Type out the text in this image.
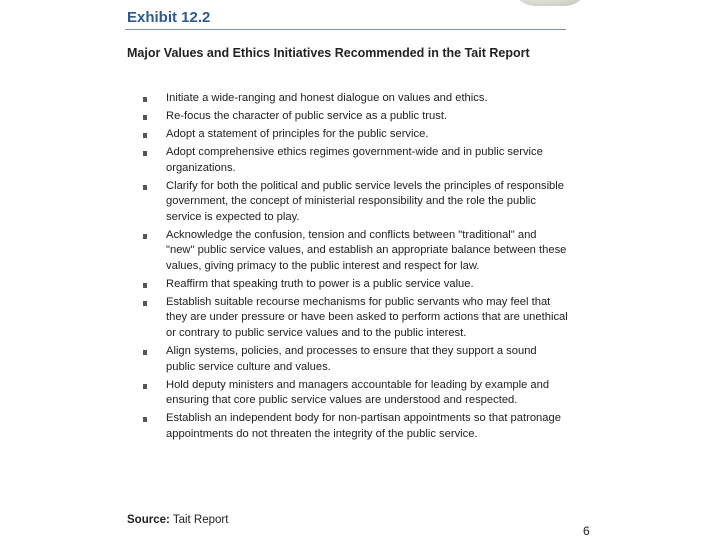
Exhibit 12.2
Major Values and Ethics Initiatives Recommended in the Tait Report
Initiate a wide-ranging and honest dialogue on values and ethics.
Re-focus the character of public service as a public trust.
Adopt a statement of principles for the public service.
Adopt comprehensive ethics regimes government-wide and in public service organizations.
Clarify for both the political and public service levels the principles of responsible government, the concept of ministerial responsibility and the role the public service is expected to play.
Acknowledge the confusion, tension and conflicts between "traditional" and "new" public service values, and establish an appropriate balance between these values, giving primacy to the public interest and respect for law.
Reaffirm that speaking truth to power is a public service value.
Establish suitable recourse mechanisms for public servants who may feel that they are under pressure or have been asked to perform actions that are unethical or contrary to public service values and to the public interest.
Align systems, policies, and processes to ensure that they support a sound public service culture and values.
Hold deputy ministers and managers accountable for leading by example and ensuring that core public service values are understood and respected.
Establish an independent body for non-partisan appointments so that patronage appointments do not threaten the integrity of the public service.
Source: Tait Report
6
